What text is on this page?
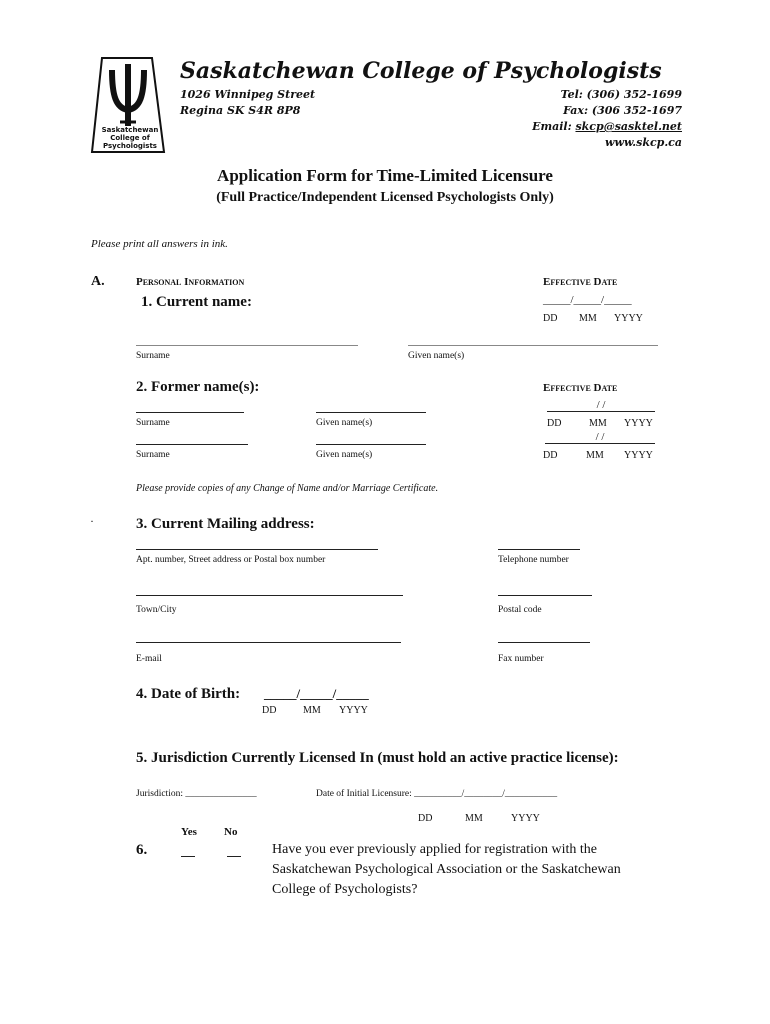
Saskatchewan
College of
Psychologists
Saskatchewan College of Psychologists
1026 Winnipeg Street
Regina SK S4R 8P8
Tel: (306) 352-1699
Fax: (306 352-1697
Email: skcp@sasktel.net
www.skcp.ca
Application Form for Time-Limited Licensure
(Full Practice/Independent Licensed Psychologists Only)
Please print all answers in ink.
A.	Personal Information	Effective Date
1. Current name:	_____/_____/_____
DD MM YYYY
Surname	Given name(s)
2. Former name(s):	Effective Date
/ /
Surname	Given name(s)	DD	MM YYYY
/ /
Surname	Given name(s)	DD	MM YYYY
Please provide copies of any Change of Name and/or Marriage Certificate.
·	3. Current Mailing address:
Apt. number, Street address or Postal box number	Telephone number
Town/City	Postal code
E-mail	Fax number
4. Date of Birth: _____/_____/_____
DD	MM YYYY
5. Jurisdiction Currently Licensed In (must hold an active practice license):
Jurisdiction: _______________	Date of Initial Licensure: __________/________/___________
DD	MM	YYYY
Yes No
6.	Have you ever previously applied for registration with the Saskatchewan Psychological Association or the Saskatchewan College of Psychologists?
